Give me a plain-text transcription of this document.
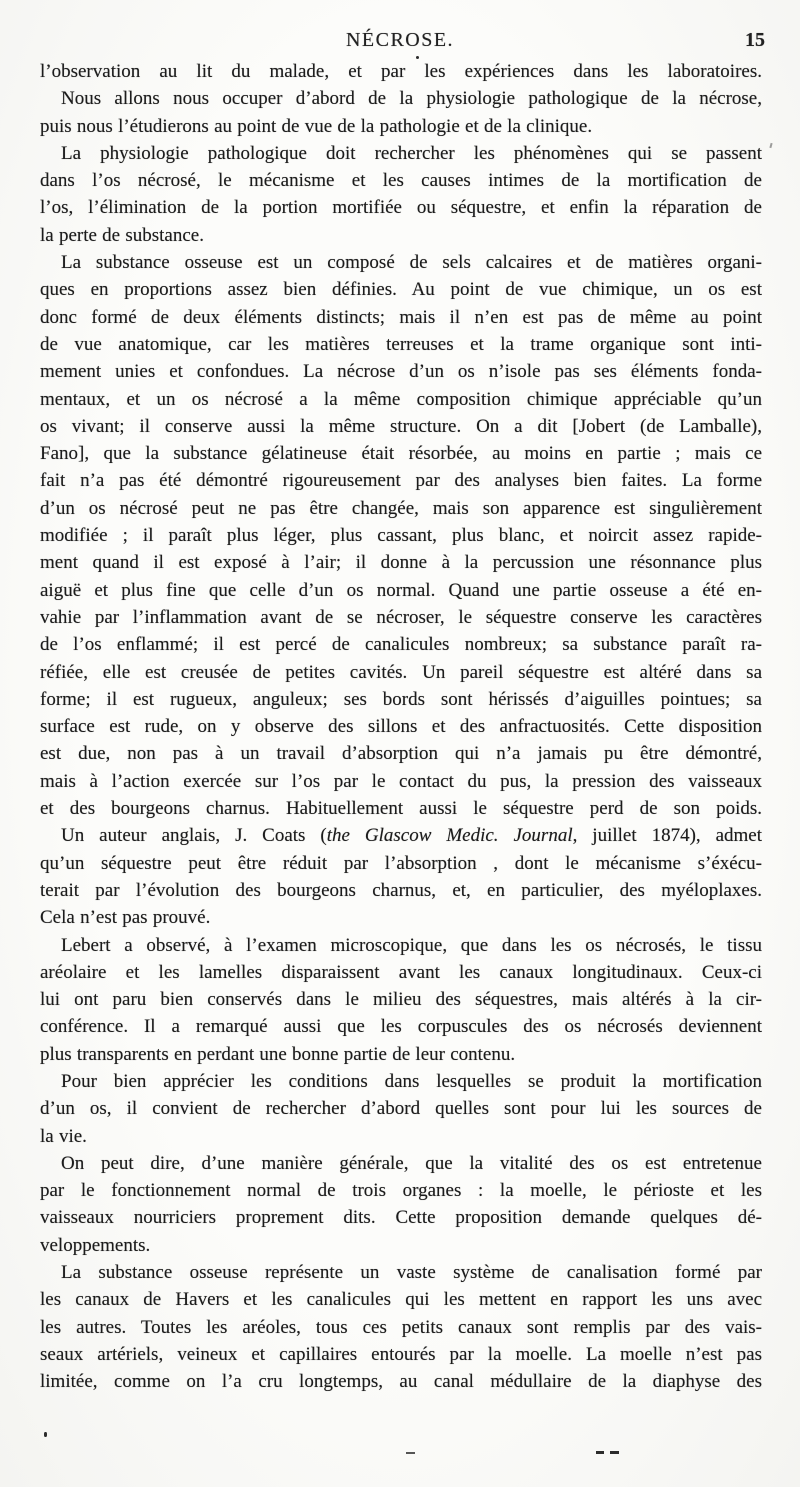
NÉCROSE.	15
l’observation au lit du malade, et par les expériences dans les laboratoires.
Nous allons nous occuper d’abord de la physiologie pathologique de la nécrose,
puis nous l’étudierons au point de vue de la pathologie et de la clinique.
La physiologie pathologique doit rechercher les phénomènes qui se passent
dans l’os nécrosé, le mécanisme et les causes intimes de la mortification de
l’os, l’élimination de la portion mortifiée ou séquestre, et enfin la réparation de
la perte de substance.
La substance osseuse est un composé de sels calcaires et de matières organi-
ques en proportions assez bien définies. Au point de vue chimique, un os est
donc formé de deux éléments distincts; mais il n’en est pas de même au point
de vue anatomique, car les matières terreuses et la trame organique sont inti-
mement unies et confondues. La nécrose d’un os n’isole pas ses éléments fonda-
mentaux, et un os nécrosé a la même composition chimique appréciable qu’un
os vivant; il conserve aussi la même structure. On a dit [Jobert (de Lamballe),
Fano], que la substance gélatineuse était résorbée, au moins en partie ; mais ce
fait n’a pas été démontré rigoureusement par des analyses bien faites. La forme
d’un os nécrosé peut ne pas être changée, mais son apparence est singulièrement
modifiée ; il paraît plus léger, plus cassant, plus blanc, et noircit assez rapide-
ment quand il est exposé à l’air; il donne à la percussion une résonnance plus
aiguë et plus fine que celle d’un os normal. Quand une partie osseuse a été en-
vahie par l’inflammation avant de se nécroser, le séquestre conserve les caractères
de l’os enflammé; il est percé de canalicules nombreux; sa substance paraît ra-
réfiée, elle est creusée de petites cavités. Un pareil séquestre est altéré dans sa
forme; il est rugueux, anguleux; ses bords sont hérissés d’aiguilles pointues; sa
surface est rude, on y observe des sillons et des anfractuosités. Cette disposition
est due, non pas à un travail d’absorption qui n’a jamais pu être démontré,
mais à l’action exercée sur l’os par le contact du pus, la pression des vaisseaux
et des bourgeons charnus. Habituellement aussi le séquestre perd de son poids.
Un auteur anglais, J. Coats (the Glascow Medic. Journal, juillet 1874), admet
qu’un séquestre peut être réduit par l’absorption , dont le mécanisme s’éxécu-
terait par l’évolution des bourgeons charnus, et, en particulier, des myéloplaxes.
Cela n’est pas prouvé.
Lebert a observé, à l’examen microscopique, que dans les os nécrosés, le tissu
aréolaire et les lamelles disparaissent avant les canaux longitudinaux. Ceux-ci
lui ont paru bien conservés dans le milieu des séquestres, mais altérés à la cir-
conférence. Il a remarqué aussi que les corpuscules des os nécrosés deviennent
plus transparents en perdant une bonne partie de leur contenu.
Pour bien apprécier les conditions dans lesquelles se produit la mortification
d’un os, il convient de rechercher d’abord quelles sont pour lui les sources de
la vie.
On peut dire, d’une manière générale, que la vitalité des os est entretenue
par le fonctionnement normal de trois organes : la moelle, le périoste et les
vaisseaux nourriciers proprement dits. Cette proposition demande quelques dé-
veloppements.
La substance osseuse représente un vaste système de canalisation formé par
les canaux de Havers et les canalicules qui les mettent en rapport les uns avec
les autres. Toutes les aréoles, tous ces petits canaux sont remplis par des vais-
seaux artériels, veineux et capillaires entourés par la moelle. La moelle n’est pas
limitée, comme on l’a cru longtemps, au canal médullaire de la diaphyse des
